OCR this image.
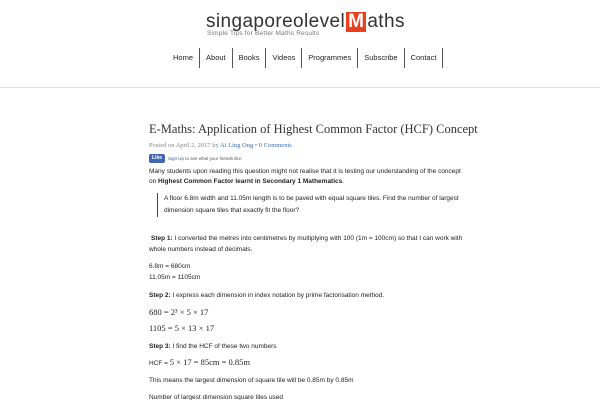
singaporeolevel M aths
Simple Tips for Better Maths Results
Home	About	Books	Videos	Programmes	Subscribe	Contact
E-Maths: Application of Highest Common Factor (HCF) Concept
Posted on April 2, 2017 by Ai Ling Ong • 0 Comments
Like	Sign Up to see what your friends like.
Many students upon reading this question might not realise that it is testing our understanding of the concept
on Highest Common Factor learnt in Secondary 1 Mathematics.
A floor 6.8m width and 11.05m length is to be paved with equal square tiles. Find the number of largest
dimension square tiles that exactly fit the floor?
Step 1: I converted the metres into centimetres by multiplying with 100 (1m = 100cm) so that I can work with
whole numbers instead of decimals.
6.8m = 680cm
11.05m = 1105cm
Step 2: I express each dimension in index notation by prime factorisation method.
680 = 2³ × 5 × 17
1105 = 5 × 13 × 17
Step 3: I find the HCF of these two numbers
HCF = 5 × 17 = 85cm = 0.85m
This means the largest dimension of square tile will be 0.85m by 0.85m
Number of largest dimension square tiles used
